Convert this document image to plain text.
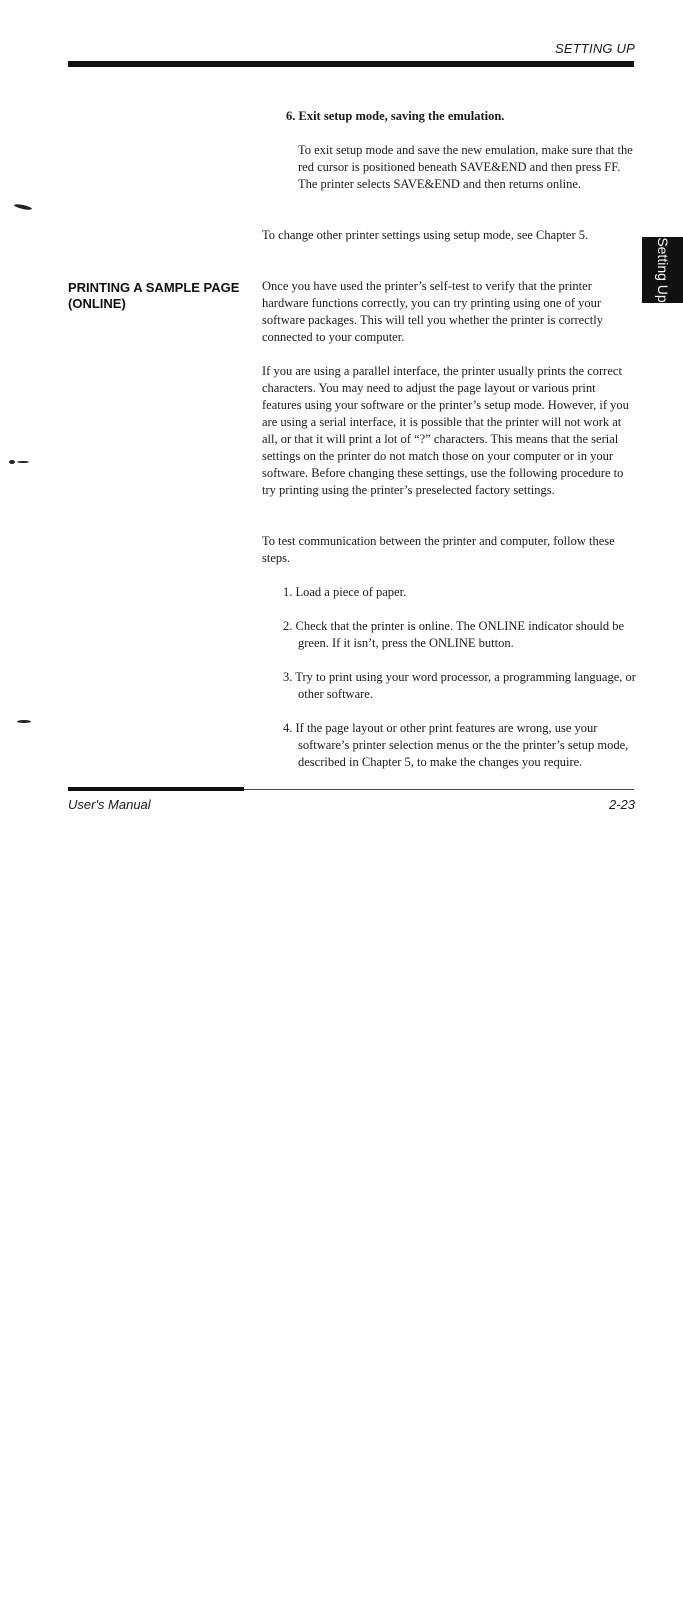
SETTING UP
Setting Up
6. Exit setup mode, saving the emulation.

To exit setup mode and save the new emulation, make sure that the red cursor is positioned beneath SAVE&END and then press FF. The printer selects SAVE&END and then returns online.

To change other printer settings using setup mode, see Chapter 5.

PRINTING A SAMPLE PAGE
(ONLINE)

Once you have used the printer’s self-test to verify that the printer hardware functions correctly, you can try printing using one of your software packages. This will tell you whether the printer is correctly connected to your computer.

If you are using a parallel interface, the printer usually prints the correct characters. You may need to adjust the page layout or various print features using your software or the printer’s setup mode. However, if you are using a serial interface, it is possible that the printer will not work at all, or that it will print a lot of “?” characters. This means that the serial settings on the printer do not match those on your computer or in your software. Before changing these settings, use the following procedure to try printing using the printer’s preselected factory settings.

To test communication between the printer and computer, follow these steps.

1. Load a piece of paper.

2. Check that the printer is online. The ONLINE indicator should be green. If it isn’t, press the ONLINE button.

3. Try to print using your word processor, a programming language, or other software.

4. If the page layout or other print features are wrong, use your software’s printer selection menus or the the printer’s setup mode, described in Chapter 5, to make the changes you require.

User's Manual	2-23
